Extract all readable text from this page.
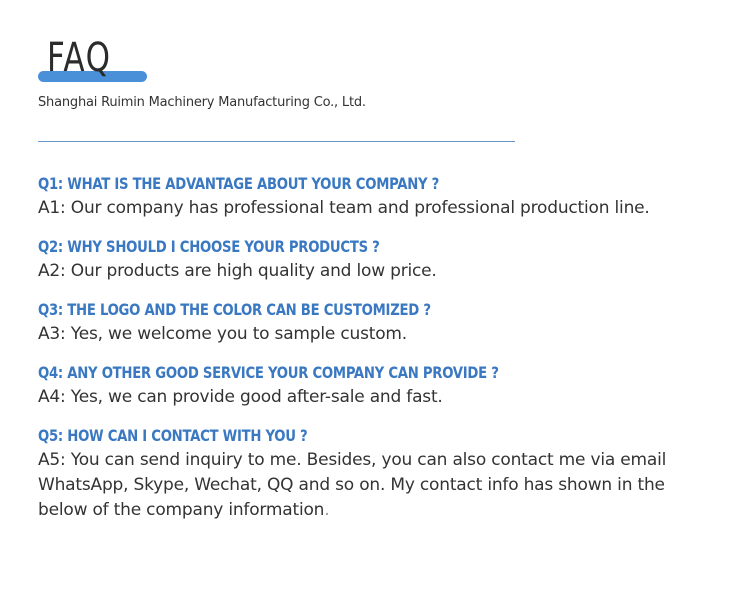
FAQ
Shanghai Ruimin Machinery Manufacturing Co., Ltd.
Q1: WHAT IS THE ADVANTAGE ABOUT YOUR COMPANY ?
A1: Our company has professional team and professional production line.
Q2: WHY SHOULD I CHOOSE YOUR PRODUCTS ?
A2: Our products are high quality and low price.
Q3: THE LOGO AND THE COLOR CAN BE CUSTOMIZED ?
A3: Yes, we welcome you to sample custom.
Q4: ANY OTHER GOOD SERVICE YOUR COMPANY CAN PROVIDE ?
A4: Yes, we can provide good after-sale and fast.
Q5: HOW CAN I CONTACT WITH YOU ?
A5: You can send inquiry to me. Besides, you can also contact me via email WhatsApp, Skype, Wechat, QQ and so on. My contact info has shown in the below of the company information.
